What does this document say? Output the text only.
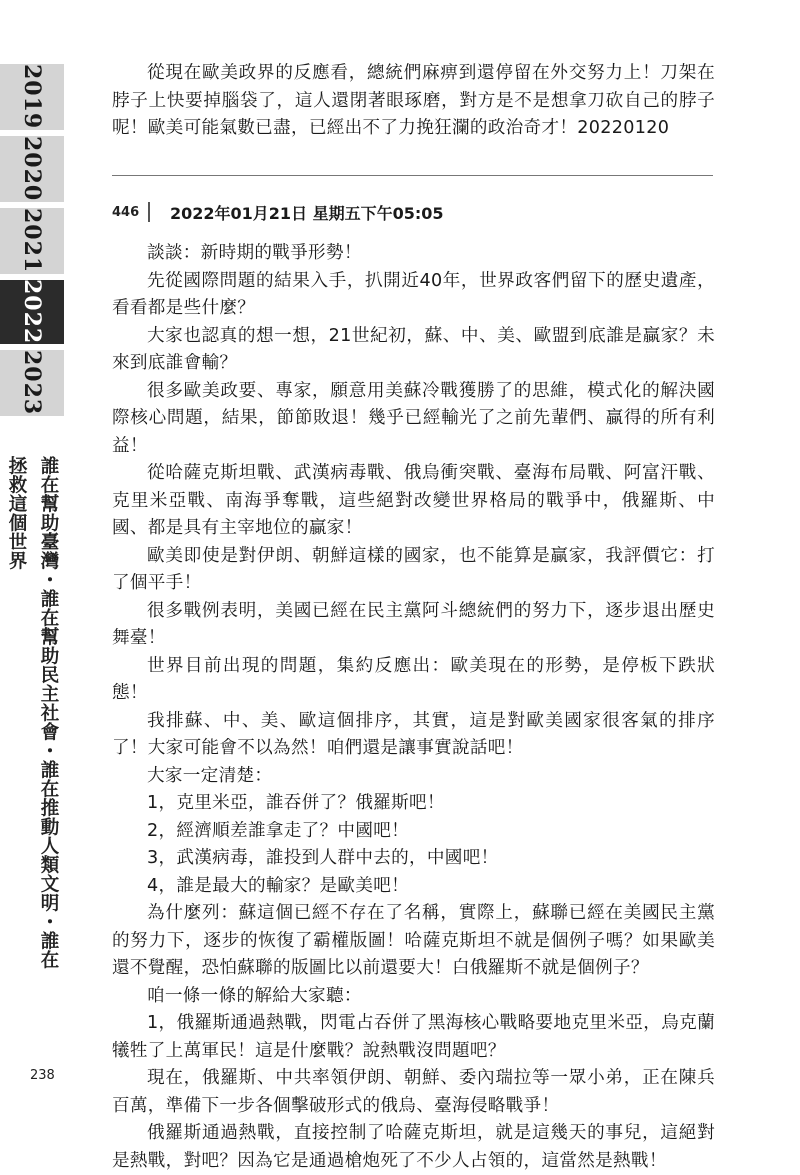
2019
2020
2021
2022
2023
誰在幫助臺灣・誰在幫助民主社會・誰在推動人類文明・誰在拯救這個世界
238

從現在歐美政界的反應看，總統們麻痹到還停留在外交努力上！刀架在脖子上快要掉腦袋了，這人還閉著眼琢磨，對方是不是想拿刀砍自己的脖子呢！歐美可能氣數已盡，已經出不了力挽狂瀾的政治奇才！20220120

446	2022年01月21日 星期五下午05:05

談談：新時期的戰爭形勢！

先從國際問題的結果入手，扒開近40年，世界政客們留下的歷史遺產，看看都是些什麼？

大家也認真的想一想，21世紀初，蘇、中、美、歐盟到底誰是贏家？未來到底誰會輸？

很多歐美政要、專家，願意用美蘇冷戰獲勝了的思維，模式化的解決國際核心問題，結果，節節敗退！幾乎已經輸光了之前先輩們、贏得的所有利益！

從哈薩克斯坦戰、武漢病毒戰、俄烏衝突戰、臺海布局戰、阿富汗戰、克里米亞戰、南海爭奪戰，這些絕對改變世界格局的戰爭中，俄羅斯、中國、都是具有主宰地位的贏家！

歐美即使是對伊朗、朝鮮這樣的國家，也不能算是贏家，我評價它：打了個平手！

很多戰例表明，美國已經在民主黨阿斗總統們的努力下，逐步退出歷史舞臺！

世界目前出現的問題，集約反應出：歐美現在的形勢，是停板下跌狀態！

我排蘇、中、美、歐這個排序，其實，這是對歐美國家很客氣的排序了！大家可能會不以為然！咱們還是讓事實說話吧！

大家一定清楚：

1，克里米亞，誰吞併了？俄羅斯吧！

2，經濟順差誰拿走了？中國吧！

3，武漢病毒，誰投到人群中去的，中國吧！

4，誰是最大的輸家？是歐美吧！

為什麼列：蘇這個已經不存在了名稱，實際上，蘇聯已經在美國民主黨的努力下，逐步的恢復了霸權版圖！哈薩克斯坦不就是個例子嗎？如果歐美還不覺醒，恐怕蘇聯的版圖比以前還要大！白俄羅斯不就是個例子？

咱一條一條的解給大家聽：

1，俄羅斯通過熱戰，閃電占吞併了黑海核心戰略要地克里米亞，烏克蘭犧牲了上萬軍民！這是什麼戰？說熱戰沒問題吧？

現在，俄羅斯、中共率領伊朗、朝鮮、委內瑞拉等一眾小弟，正在陳兵百萬，準備下一步各個擊破形式的俄烏、臺海侵略戰爭！

俄羅斯通過熱戰，直接控制了哈薩克斯坦，就是這幾天的事兒，這絕對是熱戰，對吧？因為它是通過槍炮死了不少人占領的，這當然是熱戰！
